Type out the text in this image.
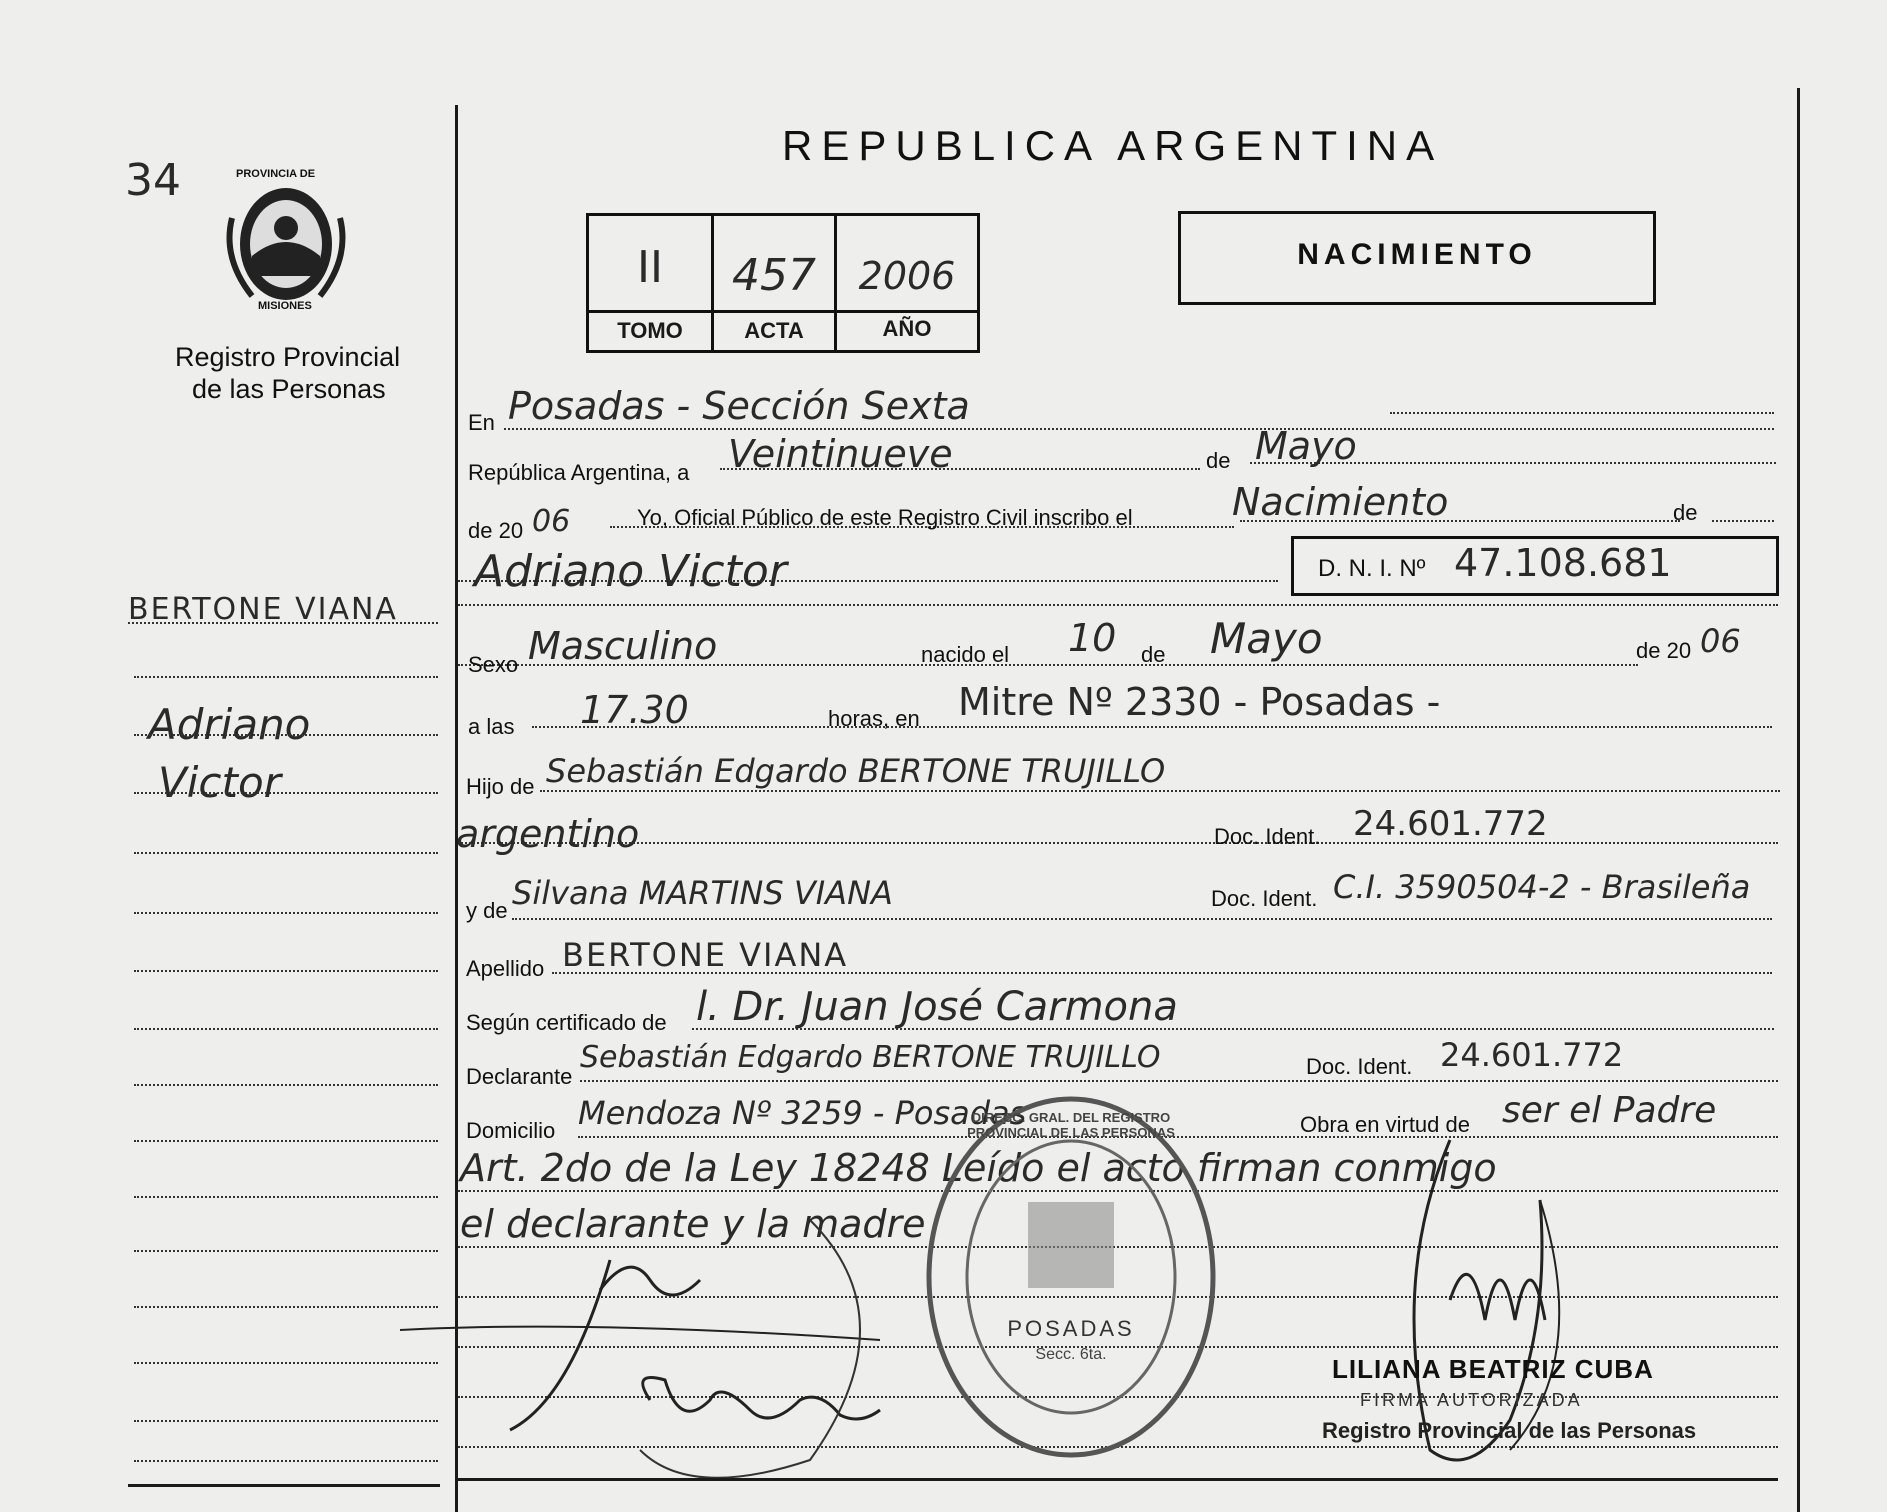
34	PROVINCIA DE
MISIONES
Registro Provincial
de las Personas
BERTONE VIANA
Adriano
Victor
REPUBLICA ARGENTINA
II	457	2006
TOMO	ACTA	AÑO
NACIMIENTO
En Posadas - Sección Sexta
República Argentina, a Veintinueve	de Mayo
de 20 06	Yo, Oficial Público de este Registro Civil inscribo el	Nacimiento	de
Adriano Victor	D. N. I. Nº 47.108.681
Sexo Masculino	nacido el 10 de Mayo	de 20 06
a las 17.30	horas, en Mitre Nº 2330 - Posadas -
Hijo de Sebastián Edgardo BERTONE TRUJILLO
argentino	Doc. Ident. 24.601.772
y de Silvana MARTINS VIANA	Doc. Ident. C.I. 3590504-2 - Brasileña
Apellido BERTONE VIANA
Según certificado de l. Dr. Juan José Carmona
Declarante
Sebastián Edgardo BERTONE TRUJILLO	Doc. Ident. 24.601.772
Domicilio Mendoza Nº 3259 - Posadas	Obra en virtud de ser el Padre
Art. 2do de la Ley 18248 Leído el acto firman conmigo
el declarante y la madre
DIRECC. GRAL. DEL REGISTRO PROVINCIAL DE LAS PERSONAS
POSADAS
Secc. 6ta.	LILIANA BEATRIZ CUBA
FIRMA AUTORIZADA
Registro Provincial de las Personas
